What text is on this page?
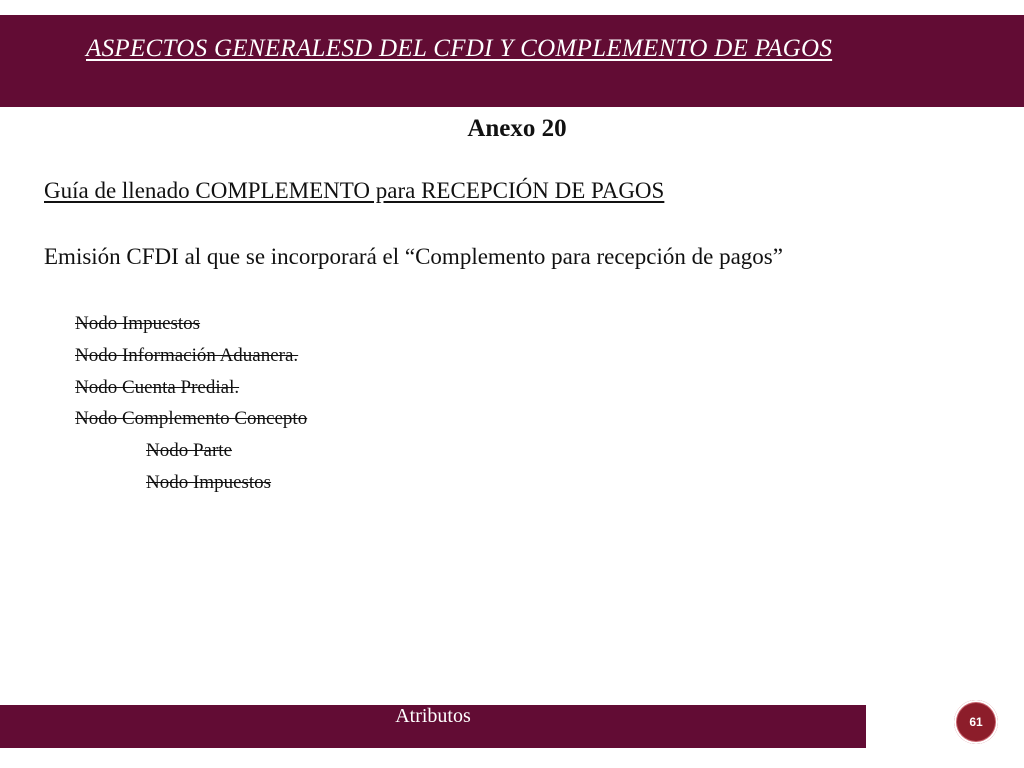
ASPECTOS GENERALESD DEL CFDI Y COMPLEMENTO DE PAGOS
Anexo 20
Guía de llenado COMPLEMENTO para RECEPCIÓN DE PAGOS
Emisión CFDI al que se incorporará el “Complemento para recepción de pagos”
Nodo Impuestos
Nodo Información Aduanera.
Nodo Cuenta Predial.
Nodo Complemento Concepto
Nodo Parte
Nodo Impuestos
Atributos	61
